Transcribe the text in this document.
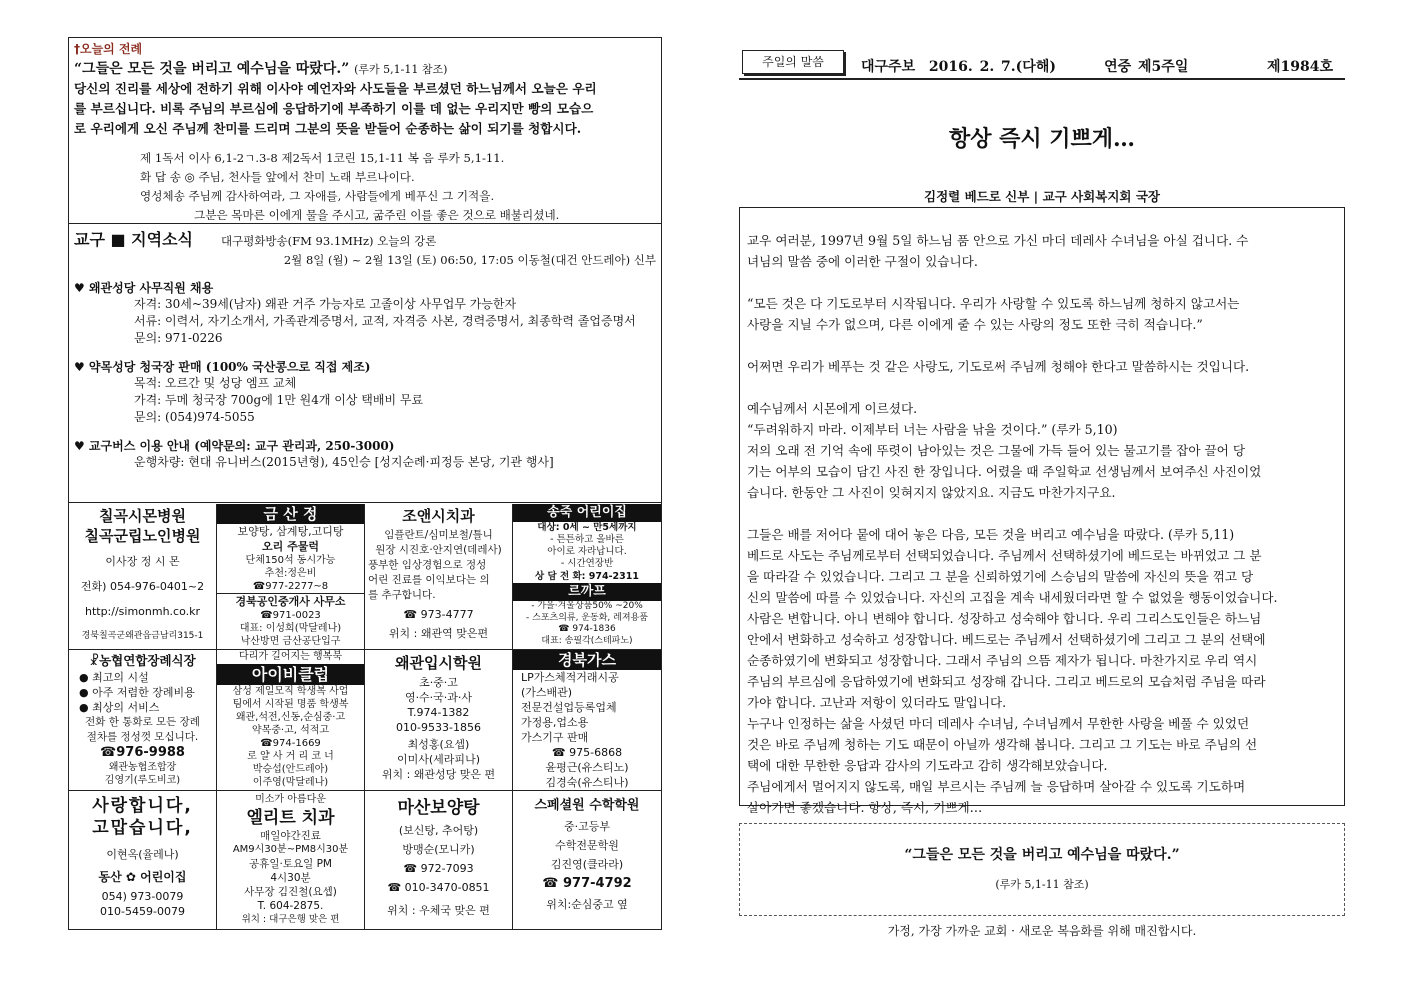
†오늘의 전례
“그들은 모든 것을 버리고 예수님을 따랐다.” (루카 5,1-11 참조)
당신의 진리를 세상에 전하기 위해 이사야 예언자와 사도들을 부르셨던 하느님께서 오늘은 우리
를 부르십니다. 비록 주님의 부르심에 응답하기에 부족하기 이를 데 없는 우리지만 빵의 모습으
로 우리에게 오신 주님께 찬미를 드리며 그분의 뜻을 받들어 순종하는 삶이 되기를 청합시다.
제 1독서 이사 6,1-2ㄱ.3-8 제2독서 1코린 15,1-11 복 음 루카 5,1-11.
화 답 송 ◎ 주님, 천사들 앞에서 찬미 노래 부르나이다.
영성체송 주님께 감사하여라, 그 자애를, 사람들에게 베푸신 그 기적을.
그분은 목마른 이에게 물을 주시고, 굶주린 이를 좋은 것으로 배불리셨네.
교구 ■ 지역소식 대구평화방송(FM 93.1MHz) 오늘의 강론
2월 8일 (월) ~ 2월 13일 (토) 06:50, 17:05 이동철(대건 안드레아) 신부
♥ 왜관성당 사무직원 채용
자격: 30세~39세(남자) 왜관 거주 가능자로 고졸이상 사무업무 가능한자
서류: 이력서, 자기소개서, 가족관계증명서, 교적, 자격증 사본, 경력증명서, 최종학력 졸업증명서
문의: 971-0226
♥ 약목성당 청국장 판매 (100% 국산콩으로 직접 제조)
목적: 오르간 및 성당 엠프 교체
가격: 두메 청국장 700g에 1만 원4개 이상 택배비 무료
문의: (054)974-5055
♥ 교구버스 이용 안내 (예약문의: 교구 관리과, 250-3000)
운행차량: 현대 유니버스(2015년형), 45인승 [성지순례·피정등 본당, 기관 행사]
칠곡시몬병원
칠곡군립노인병원
이사장 정 시 몬
전화) 054-976-0401~2
http://simonmh.co.kr
경북칠곡군왜관읍금남리315-1
금 산 정
보양탕, 삼계탕,고디탕
오리 주물럭
단체150석 동시가능
추천:정은비
☎977-2277~8
경북공인중개사 사무소
☎971-0023
대표: 이성희(막달레나)
낙산방면 금산공단입구
조앤시치과
임플란트/심미보철/틀니
원장 시진호·안지연(데레사)
풍부한 임상경험으로 정성
어린 진료를 이익보다는 의
를 추구합니다.
☎ 973-4777
위치 : 왜관역 맞은편
송죽 어린이집
대상: 0세 ~ 만5세까지
- 튼튼하고 올바른
아이로 자라납니다.
- 시간연장반
상 담 전 화: 974-2311
르까프
- 가을·겨울상품50% ~20%
- 스포츠의류, 운동화, 레져용품
☎ 974-1836
대표: 송필각(스테파노)
☧농협연합장례식장
● 최고의 시설
● 아주 저렴한 장례비용
● 최상의 서비스
전화 한 통화로 모든 장례
절차를 정성껏 모십니다.
☎976-9988
왜관농협조합장
김영기(루도비코)
다리가 길어지는 행복북
아이비클럽
삼성 제일모직 학생복 사업
팀에서 시작된 명품 학생복
왜관,석전,신동,순심중·고
약목중·고, 석적고
☎974-1669
로 얄 사 거 리 코 너
박승섭(안드레아)
이주영(막달레나)
왜관입시학원
초·중·고
영·수·국·과·사
T.974-1382
010-9533-1856
최성홍(요셉)
이미사(세라피나)
위치 : 왜관성당 맞은 편
경북가스
LP가스체적거래시공
(가스배관)
전문건설업등록업체
가정용,업소용
가스기구 판매
☎ 975-6868
윤평근(유스티노)
김경숙(유스티나)
사랑합니다,
고맙습니다,
이현옥(율레나)
동산 ✿ 어린이집
054) 973-0079
010-5459-0079
미소가 아름다운
엘리트 치과
매일야간진료
AM9시30분~PM8시30분
공휴일·토요일 PM
4시30분
사무장 김진철(요셉)
T. 604-2875.
위치 : 대구은행 맞은 편
마산보양탕
(보신탕, 추어탕)
방맹순(모니카)
☎ 972-7093
☎ 010-3470-0851
위치 : 우체국 맞은 편
스페셜원 수학학원
중·고등부
수학전문학원
김진영(클라라)
☎ 977-4792
위치:순심중고 옆
주일의 말씀	대구주보 2016. 2. 7.(다해)	연중 제5주일	제1984호
항상 즉시 기쁘게…
김정렬 베드로 신부 | 교구 사회복지회 국장

교우 여러분, 1997년 9월 5일 하느님 품 안으로 가신 마더 데레사 수녀님을 아실 겁니다. 수

녀님의 말씀 중에 이러한 구절이 있습니다.

“모든 것은 다 기도로부터 시작됩니다. 우리가 사랑할 수 있도록 하느님께 청하지 않고서는

사랑을 지닐 수가 없으며, 다른 이에게 줄 수 있는 사랑의 정도 또한 극히 적습니다.”

어쩌면 우리가 베푸는 것 같은 사랑도, 기도로써 주님께 청해야 한다고 말씀하시는 것입니다.

예수님께서 시몬에게 이르셨다.

“두려워하지 마라. 이제부터 너는 사람을 낚을 것이다.” (루카 5,10)

저의 오래 전 기억 속에 뚜렷이 남아있는 것은 그물에 가득 들어 있는 물고기를 잡아 끌어 당

기는 어부의 모습이 담긴 사진 한 장입니다. 어렸을 때 주일학교 선생님께서 보여주신 사진이었

습니다. 한동안 그 사진이 잊혀지지 않았지요. 지금도 마찬가지구요.

그들은 배를 저어다 뭍에 대어 놓은 다음, 모든 것을 버리고 예수님을 따랐다. (루카 5,11)

베드로 사도는 주님께로부터 선택되었습니다. 주님께서 선택하셨기에 베드로는 바뀌었고 그 분

을 따라갈 수 있었습니다. 그리고 그 분을 신뢰하였기에 스승님의 말씀에 자신의 뜻을 꺾고 당

신의 말씀에 따를 수 있었습니다. 자신의 고집을 계속 내세웠더라면 할 수 없었을 행동이었습니다.

사람은 변합니다. 아니 변해야 합니다. 성장하고 성숙해야 합니다. 우리 그리스도인들은 하느님

안에서 변화하고 성숙하고 성장합니다. 베드로는 주님께서 선택하셨기에 그리고 그 분의 선택에

순종하였기에 변화되고 성장합니다. 그래서 주님의 으뜸 제자가 됩니다. 마찬가지로 우리 역시

주님의 부르심에 응답하였기에 변화되고 성장해 갑니다. 그리고 베드로의 모습처럼 주님을 따라

가야 합니다. 고난과 저항이 있더라도 말입니다.

누구나 인정하는 삶을 사셨던 마더 데레사 수녀님, 수녀님께서 무한한 사랑을 베풀 수 있었던

것은 바로 주님께 청하는 기도 때문이 아닐까 생각해 봅니다. 그리고 그 기도는 바로 주님의 선

택에 대한 무한한 응답과 감사의 기도라고 감히 생각해보았습니다.

주님에게서 멀어지지 않도록, 매일 부르시는 주님께 늘 응답하며 살아갈 수 있도록 기도하며

살아가면 좋겠습니다. 항상, 즉시, 기쁘게…

“그들은 모든 것을 버리고 예수님을 따랐다.”
(루카 5,1-11 참조)
가정, 가장 가까운 교회 · 새로운 복음화를 위해 매진합시다.
